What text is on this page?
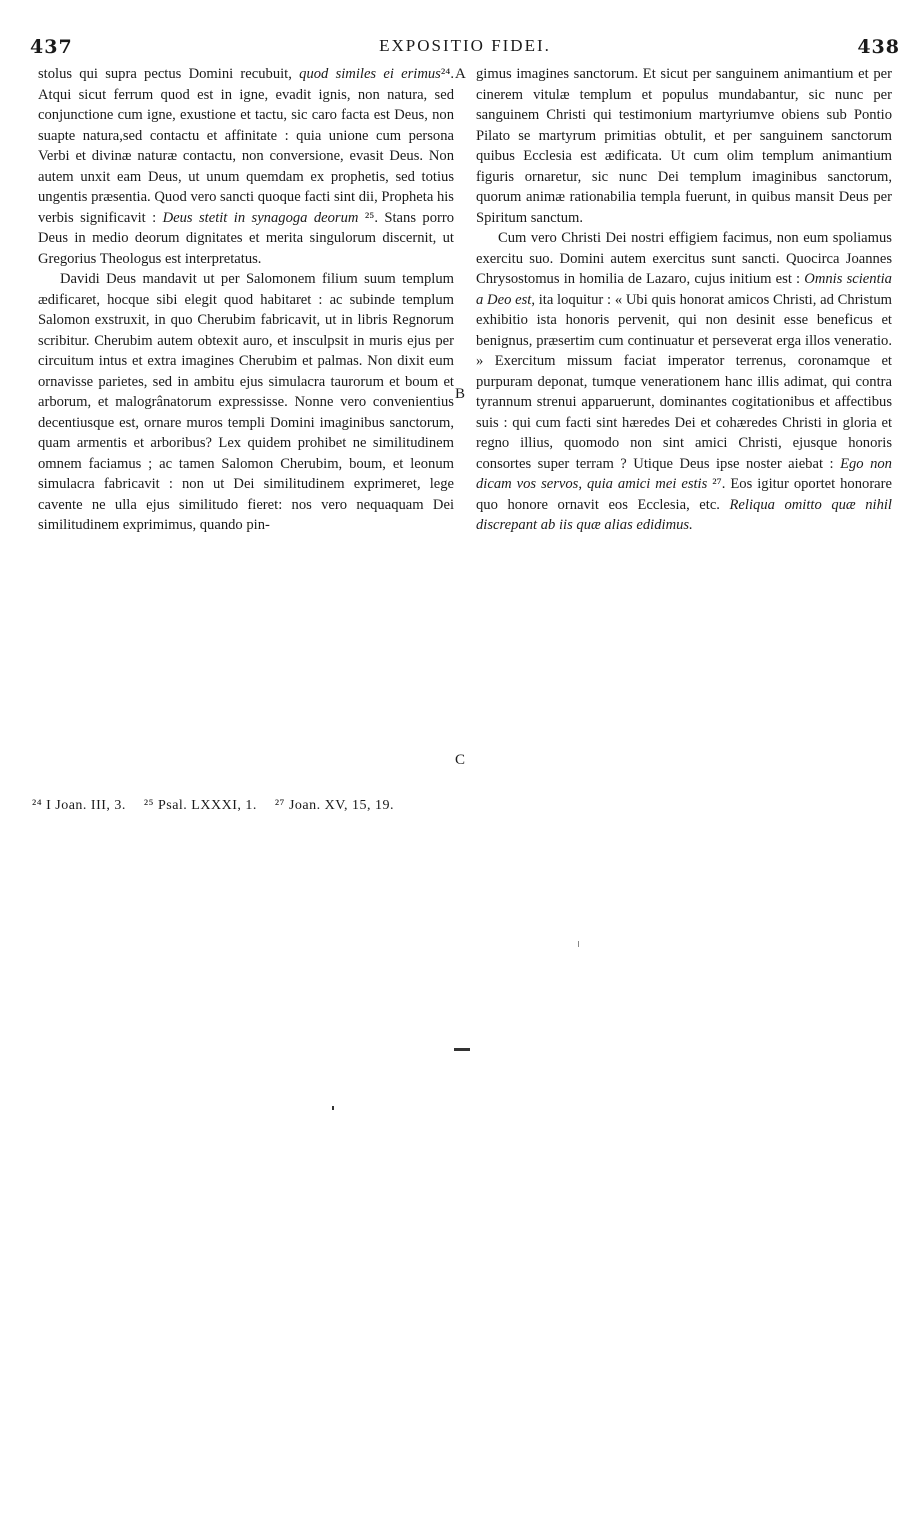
437	EXPOSITIO FIDEI.	438

stolus qui supra pectus Domini recubuit, quod similes ei erimus²⁴. Atqui sicut ferrum quod est in igne, evadit ignis, non natura, sed conjunctione cum igne, exustione et tactu, sic caro facta est Deus, non suapte natura,sed contactu et affinitate : quia unione cum persona Verbi et divinæ naturæ contactu, non conversione, evasit Deus. Non autem unxit eam Deus, ut unum quemdam ex prophetis, sed totius ungentis præsentia. Quod vero sancti quoque facti sint dii, Propheta his verbis significavit : Deus stetit in synagoga deorum ²⁵. Stans porro Deus in medio deorum dignitates et merita singulorum discernit, ut Gregorius Theologus est interpretatus.

Davidi Deus mandavit ut per Salomonem filium suum templum ædificaret, hocque sibi elegit quod habitaret : ac subinde templum Salomon exstruxit, in quo Cherubim fabricavit, ut in libris Regnorum scribitur. Cherubim autem obtexit auro, et insculpsit in muris ejus per circuitum intus et extra imagines Cherubim et palmas. Non dixit eum ornavisse parietes, sed in ambitu ejus simulacra taurorum et boum et arborum, et malogrânatorum expressisse. Nonne vero convenientius decentiusque est, ornare muros templi Domini imaginibus sanctorum, quam armentis et arboribus? Lex quidem prohibet ne similitudinem omnem faciamus ; ac tamen Salomon Cherubim, boum, et leonum simulacra fabricavit : non ut Dei similitudinem exprimeret, lege cavente ne ulla ejus similitudo fieret: nos vero nequaquam Dei similitudinem exprimimus, quando pin-

A
B
C

gimus imagines sanctorum. Et sicut per sanguinem animantium et per cinerem vitulæ templum et populus mundabantur, sic nunc per sanguinem Christi qui testimonium martyriumve obiens sub Pontio Pilato se martyrum primitias obtulit, et per sanguinem sanctorum quibus Ecclesia est ædificata. Ut cum olim templum animantium figuris ornaretur, sic nunc Dei templum imaginibus sanctorum, quorum animæ rationabilia templa fuerunt, in quibus mansit Deus per Spiritum sanctum.

Cum vero Christi Dei nostri effigiem facimus, non eum spoliamus exercitu suo. Domini autem exercitus sunt sancti. Quocirca Joannes Chrysostomus in homilia de Lazaro, cujus initium est : Omnis scientia a Deo est, ita loquitur : « Ubi quis honorat amicos Christi, ad Christum exhibitio ista honoris pervenit, qui non desinit esse beneficus et benignus, præsertim cum continuatur et perseverat erga illos veneratio. » Exercitum missum faciat imperator terrenus, coronamque et purpuram deponat, tumque venerationem hanc illis adimat, qui contra tyrannum strenui apparuerunt, dominantes cogitationibus et affectibus suis : qui cum facti sint hæredes Dei et cohæredes Christi in gloria et regno illius, quomodo non sint amici Christi, ejusque honoris consortes super terram ? Utique Deus ipse noster aiebat : Ego non dicam vos servos, quia amici mei estis ²⁷. Eos igitur oportet honorare quo honore ornavit eos Ecclesia, etc. Reliqua omitto quæ nihil discrepant ab iis quæ alias edidimus.

²⁴ I Joan. III, 3. ²⁵ Psal. LXXXI, 1. ²⁷ Joan. XV, 15, 19.
